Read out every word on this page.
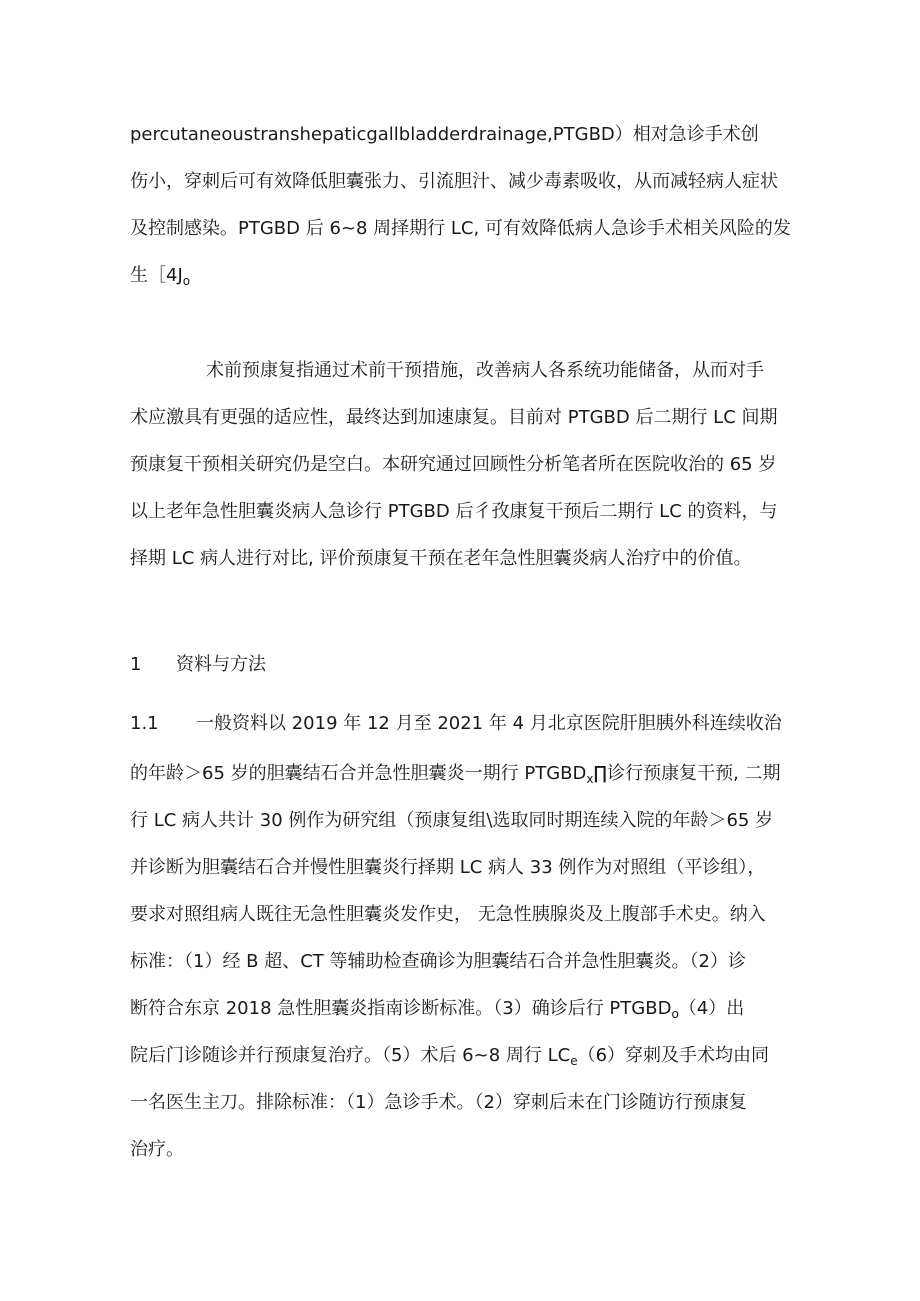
percutaneoustranshepaticgallbladderdrainage,PTGBD）相对急诊手术创
伤小，穿刺后可有效降低胆囊张力、引流胆汁、减少毒素吸收，从而减轻病人症状
及控制感染。PTGBD 后 6~8 周择期行 LC, 可有效降低病人急诊手术相关风险的发
生$[4J_o$
术前预康复指通过术前干预措施，改善病人各系统功能储备，从而对手
术应激具有更强的适应性，最终达到加速康复。目前对 PTGBD 后二期行 LC 间期
预康复干预相关研究仍是空白。本研究通过回顾性分析笔者所在医院收治的 65 岁
以上老年急性胆囊炎病人急诊行 PTGBD 后彳孜康复干预后二期行 LC 的资料，与
择期 LC 病人进行对比, 评价预康复干预在老年急性胆囊炎病人治疗中的价值。
1 资料与方法
1.1 一般资料以 2019 年 12 月至 2021 年 4 月北京医院肝胆胰外科连续收治
的年龄＞65 岁的胆囊结石合并急性胆囊炎一期行 $PTGBD_x\prod$诊行预康复干预, 二期
行 LC 病人共计 30 例作为研究组（预康复组\选取同时期连续入院的年龄＞65 岁
并诊断为胆囊结石合并慢性胆囊炎行择期 LC 病人 33 例作为对照组（平诊组），
要求对照组病人既往无急性胆囊炎发作史， 无急性胰腺炎及上腹部手术史。纳入
标准：（1）经 B 超、CT 等辅助检查确诊为胆囊结石合并急性胆囊炎。（2）诊
断符合东京 2018 急性胆囊炎指南诊断标准。（3）确诊后行 $PTGBD_o(4)$出
院后门诊随诊并行预康复治疗。（5）术后 6~8 周行 $LC_e(6)$穿刺及手术均由同
一名医生主刀。排除标准：（1）急诊手术。（2）穿刺后未在门诊随访行预康复
治疗。
